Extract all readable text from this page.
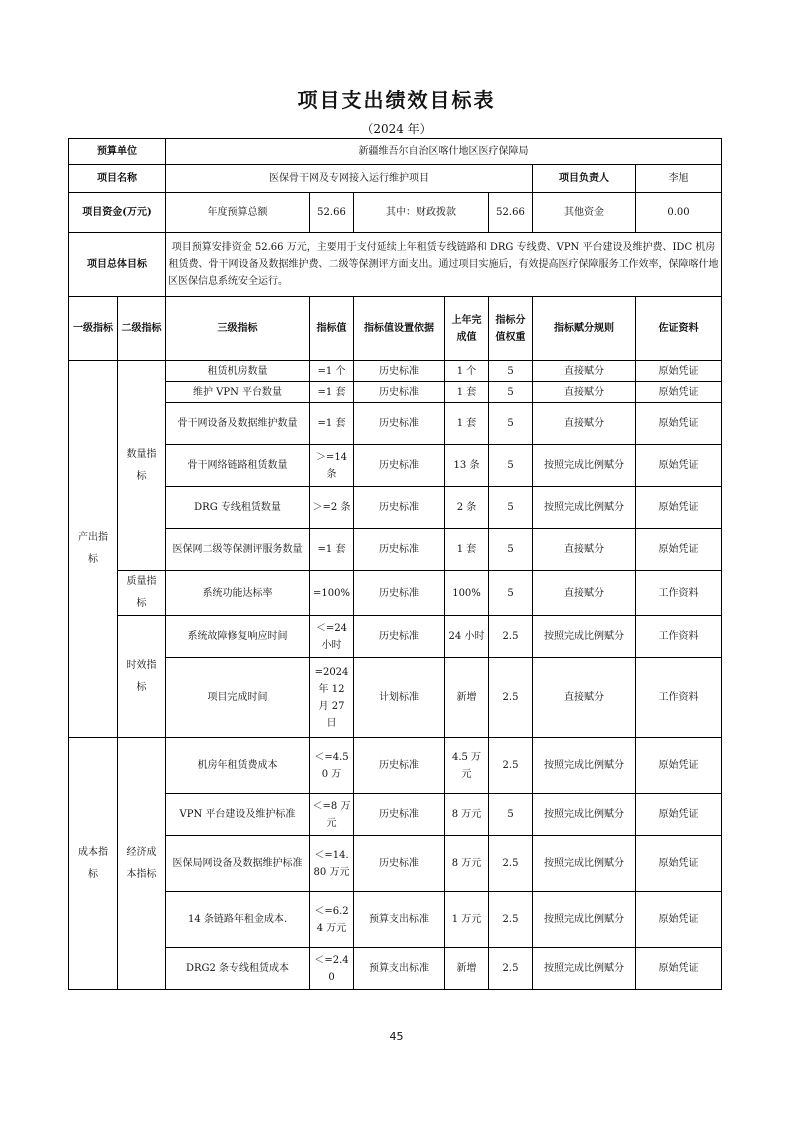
项目支出绩效目标表
（2024 年）
预算单位		新疆维吾尔自治区喀什地区医疗保障局						
项目名称		医保骨干网及专网接入运行维护项目					项目负责人	李旭
项目资金(万元)		年度预算总额	52.66	其中：财政拨款		52.66	其他资金	0.00
项目总体目标		项目预算安排资金 52.66 万元，主要用于支付延续上年租赁专线链路和 DRG 专线费、VPN 平台建设及维护费、IDC 机房租赁费、骨干网设备及数据维护费、二级等保测评方面支出。通过项目实施后，有效提高医疗保障服务工作效率，保障喀什地区医保信息系统安全运行。						
一级指标	二级指标	三级指标	指标值	指标值设置依据	上年完成值	指标分值权重	指标赋分规则	佐证资料
产出指标	数量指标	租赁机房数量	=1 个	历史标准	1 个	5	直接赋分	原始凭证
		维护 VPN 平台数量	=1 套	历史标准	1 套	5	直接赋分	原始凭证
		骨干网设备及数据维护数量	=1 套	历史标准	1 套	5	直接赋分	原始凭证
		骨干网络链路租赁数量	＞=14 条	历史标准	13 条	5	按照完成比例赋分	原始凭证
		DRG 专线租赁数量	＞=2 条	历史标准	2 条	5	按照完成比例赋分	原始凭证
		医保网二级等保测评服务数量	=1 套	历史标准	1 套	5	直接赋分	原始凭证
	质量指标	系统功能达标率	=100%	历史标准	100%	5	直接赋分	工作资料
	时效指标	系统故障修复响应时间	＜=24 小时	历史标准	24 小时	2.5	按照完成比例赋分	工作资料
		项目完成时间	=2024 年 12 月 27 日	计划标准	新增	2.5	直接赋分	工作资料
成本指标	经济成本指标	机房年租赁费成本	＜=4.50 万	历史标准	4.5 万元	2.5	按照完成比例赋分	原始凭证
		VPN 平台建设及维护标准	＜=8 万元	历史标准	8 万元	5	按照完成比例赋分	原始凭证
		医保局网设备及数据维护标准	＜=14.80 万元	历史标准	8 万元	2.5	按照完成比例赋分	原始凭证
		14 条链路年租金成本.	＜=6.24 万元	预算支出标准	1 万元	2.5	按照完成比例赋分	原始凭证
		DRG2 条专线租赁成本	＜=2.40	预算支出标准	新增	2.5	按照完成比例赋分	原始凭证
45
